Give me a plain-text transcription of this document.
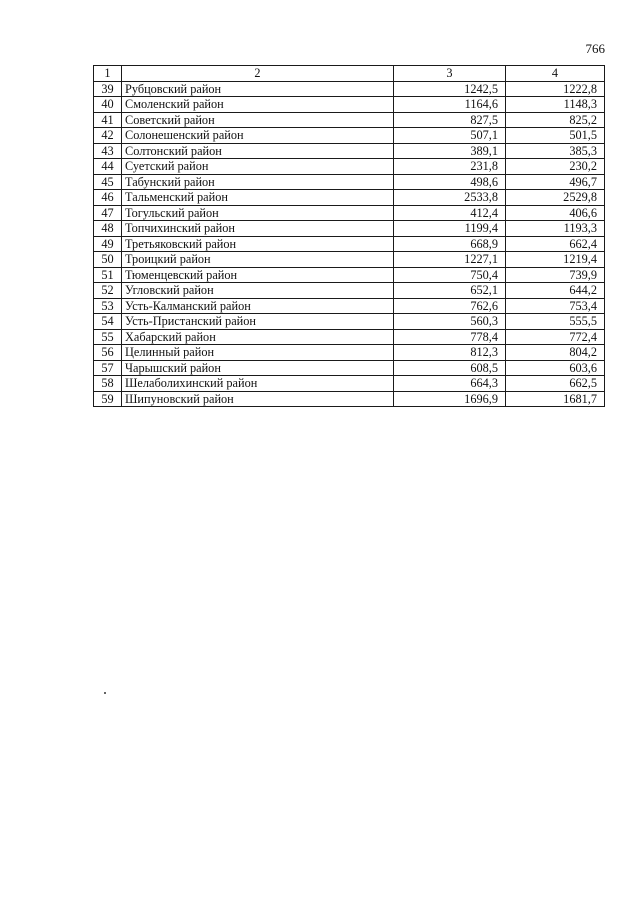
766
1	2	3	4
39	Рубцовский район	1242,5	1222,8
40	Смоленский район	1164,6	1148,3
41	Советский район	827,5	825,2
42	Солонешенский район	507,1	501,5
43	Солтонский район	389,1	385,3
44	Суетский район	231,8	230,2
45	Табунский район	498,6	496,7
46	Тальменский район	2533,8	2529,8
47	Тогульский район	412,4	406,6
48	Топчихинский район	1199,4	1193,3
49	Третьяковский район	668,9	662,4
50	Троицкий район	1227,1	1219,4
51	Тюменцевский район	750,4	739,9
52	Угловский район	652,1	644,2
53	Усть-Калманский район	762,6	753,4
54	Усть-Пристанский район	560,3	555,5
55	Хабарский район	778,4	772,4
56	Целинный район	812,3	804,2
57	Чарышский район	608,5	603,6
58	Шелаболихинский район	664,3	662,5
59	Шипуновский район	1696,9	1681,7
